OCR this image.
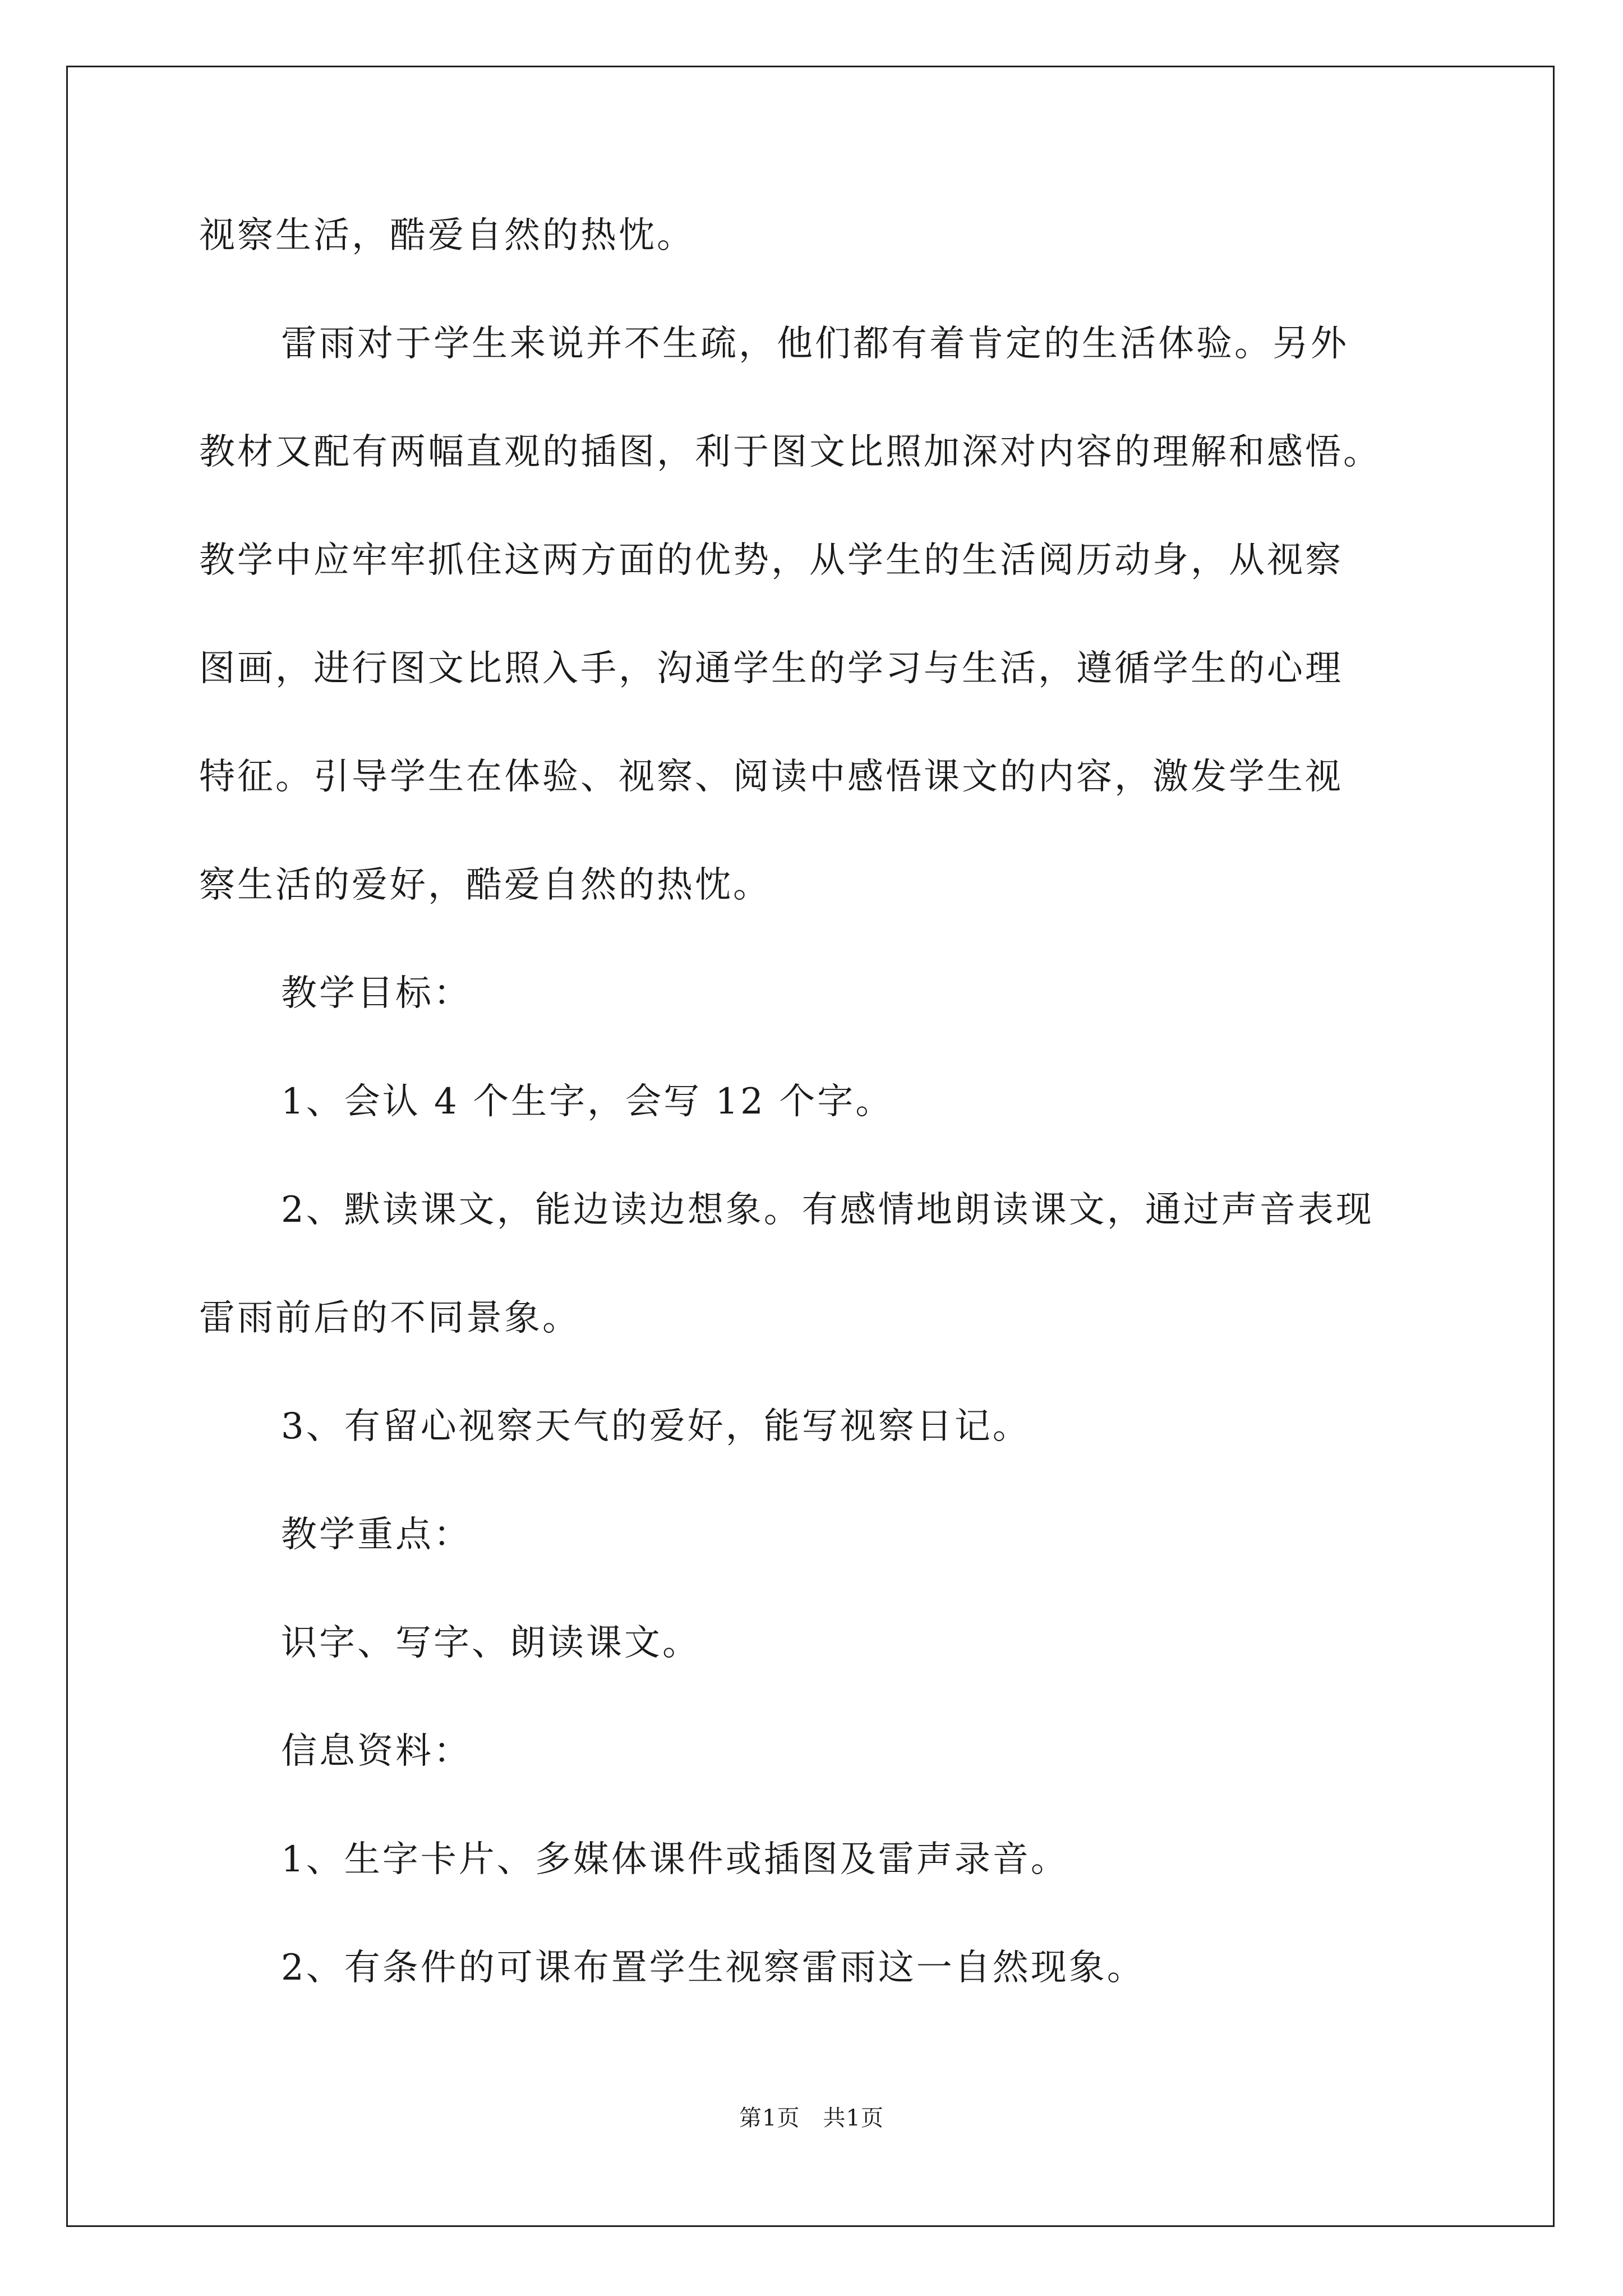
视察生活，酷爱自然的热忱。
雷雨对于学生来说并不生疏，他们都有着肯定的生活体验。另外
教材又配有两幅直观的插图，利于图文比照加深对内容的理解和感悟。
教学中应牢牢抓住这两方面的优势，从学生的生活阅历动身，从视察
图画，进行图文比照入手，沟通学生的学习与生活，遵循学生的心理
特征。引导学生在体验、视察、阅读中感悟课文的内容，激发学生视
察生活的爱好，酷爱自然的热忱。
教学目标：
1、会认 4 个生字，会写 12 个字。
2、默读课文，能边读边想象。有感情地朗读课文，通过声音表现
雷雨前后的不同景象。
3、有留心视察天气的爱好，能写视察日记。
教学重点：
识字、写字、朗读课文。
信息资料：
1、生字卡片、多媒体课件或插图及雷声录音。
2、有条件的可课布置学生视察雷雨这一自然现象。
第1页　共1页
